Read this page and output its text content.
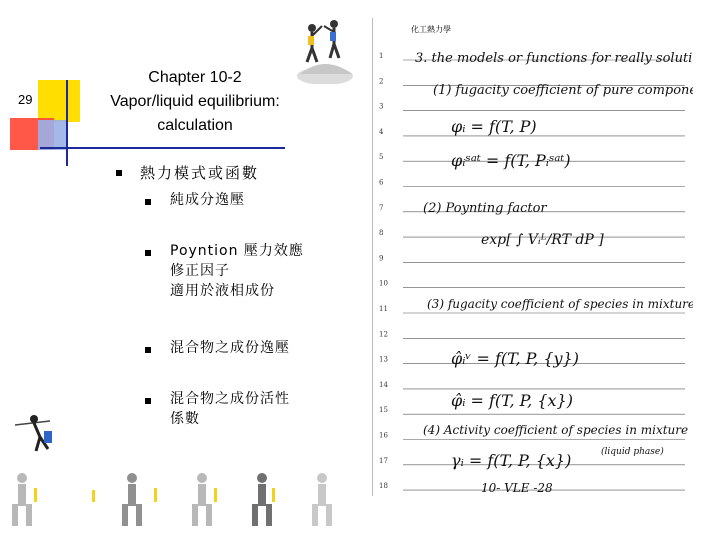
29
Chapter 10-2
Vapor/liquid equilibrium:
calculation
熱力模式或函數
純成分逸壓
Poyntion 壓力效應
修正因子
適用於液相成份
混合物之成份逸壓
混合物之成份活性
係數
化工熱力學
1
2
3
4
5
6
7
8
9
10
11
12
13
14
15
16
17
18
3. the models or functions for really solution
(1) fugacity coefficient of pure component
φᵢ = f(T, P)
φᵢˢᵃᵗ = f(T, Pᵢˢᵃᵗ)
(2) Poynting factor
exp[ ∫ Vᵢᴸ/RT dP ]
(3) fugacity coefficient of species in mixture
φ̂ᵢᵛ = f(T, P, {y})
φ̂ᵢ = f(T, P, {x})
(4) Activity coefficient of species in mixture
γᵢ = f(T, P, {x})	(liquid phase)
10- VLE -28
